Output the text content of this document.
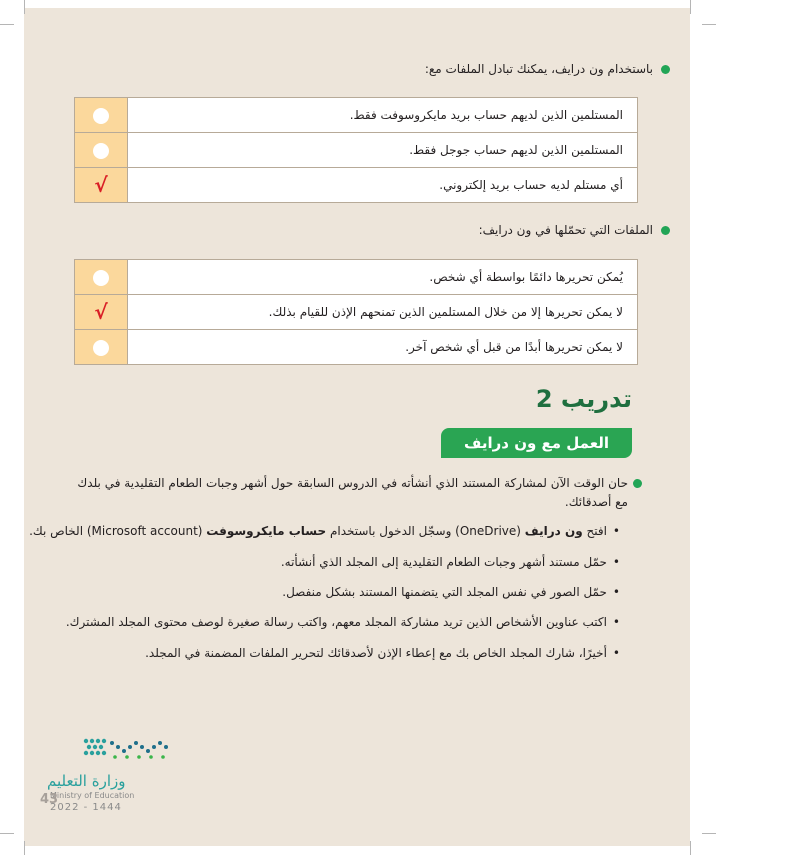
باستخدام ون درايف، يمكنك تبادل الملفات مع:
	المستلمين الذين لديهم حساب بريد مايكروسوفت فقط.
	المستلمين الذين لديهم حساب جوجل فقط.
√	أي مستلم لديه حساب بريد إلكتروني.
الملفات التي تحمّلها في ون درايف:
	يُمكن تحريرها دائمًا بواسطة أي شخص.
√	لا يمكن تحريرها إلا من خلال المستلمين الذين تمنحهم الإذن للقيام بذلك.
	لا يمكن تحريرها أبدًا من قبل أي شخص آخر.
تدريب 2
العمل مع ون درايف
حان الوقت الآن لمشاركة المستند الذي أنشأته في الدروس السابقة حول أشهر وجبات الطعام التقليدية في بلدك مع أصدقائك.
•افتح ون درايف (OneDrive) وسجّل الدخول باستخدام حساب مايكروسوفت (Microsoft account) الخاص بك.
•حمّل مستند أشهر وجبات الطعام التقليدية إلى المجلد الذي أنشأته.
•حمّل الصور في نفس المجلد التي يتضمنها المستند بشكل منفصل.
•اكتب عناوين الأشخاص الذين تريد مشاركة المجلد معهم، واكتب رسالة صغيرة لوصف محتوى المجلد المشترك.
•أخيرًا، شارك المجلد الخاص بك مع إعطاء الإذن لأصدقائك لتحرير الملفات المضمنة في المجلد.
وزارة التعليم
Ministry of Education
2022 - 1444
43
